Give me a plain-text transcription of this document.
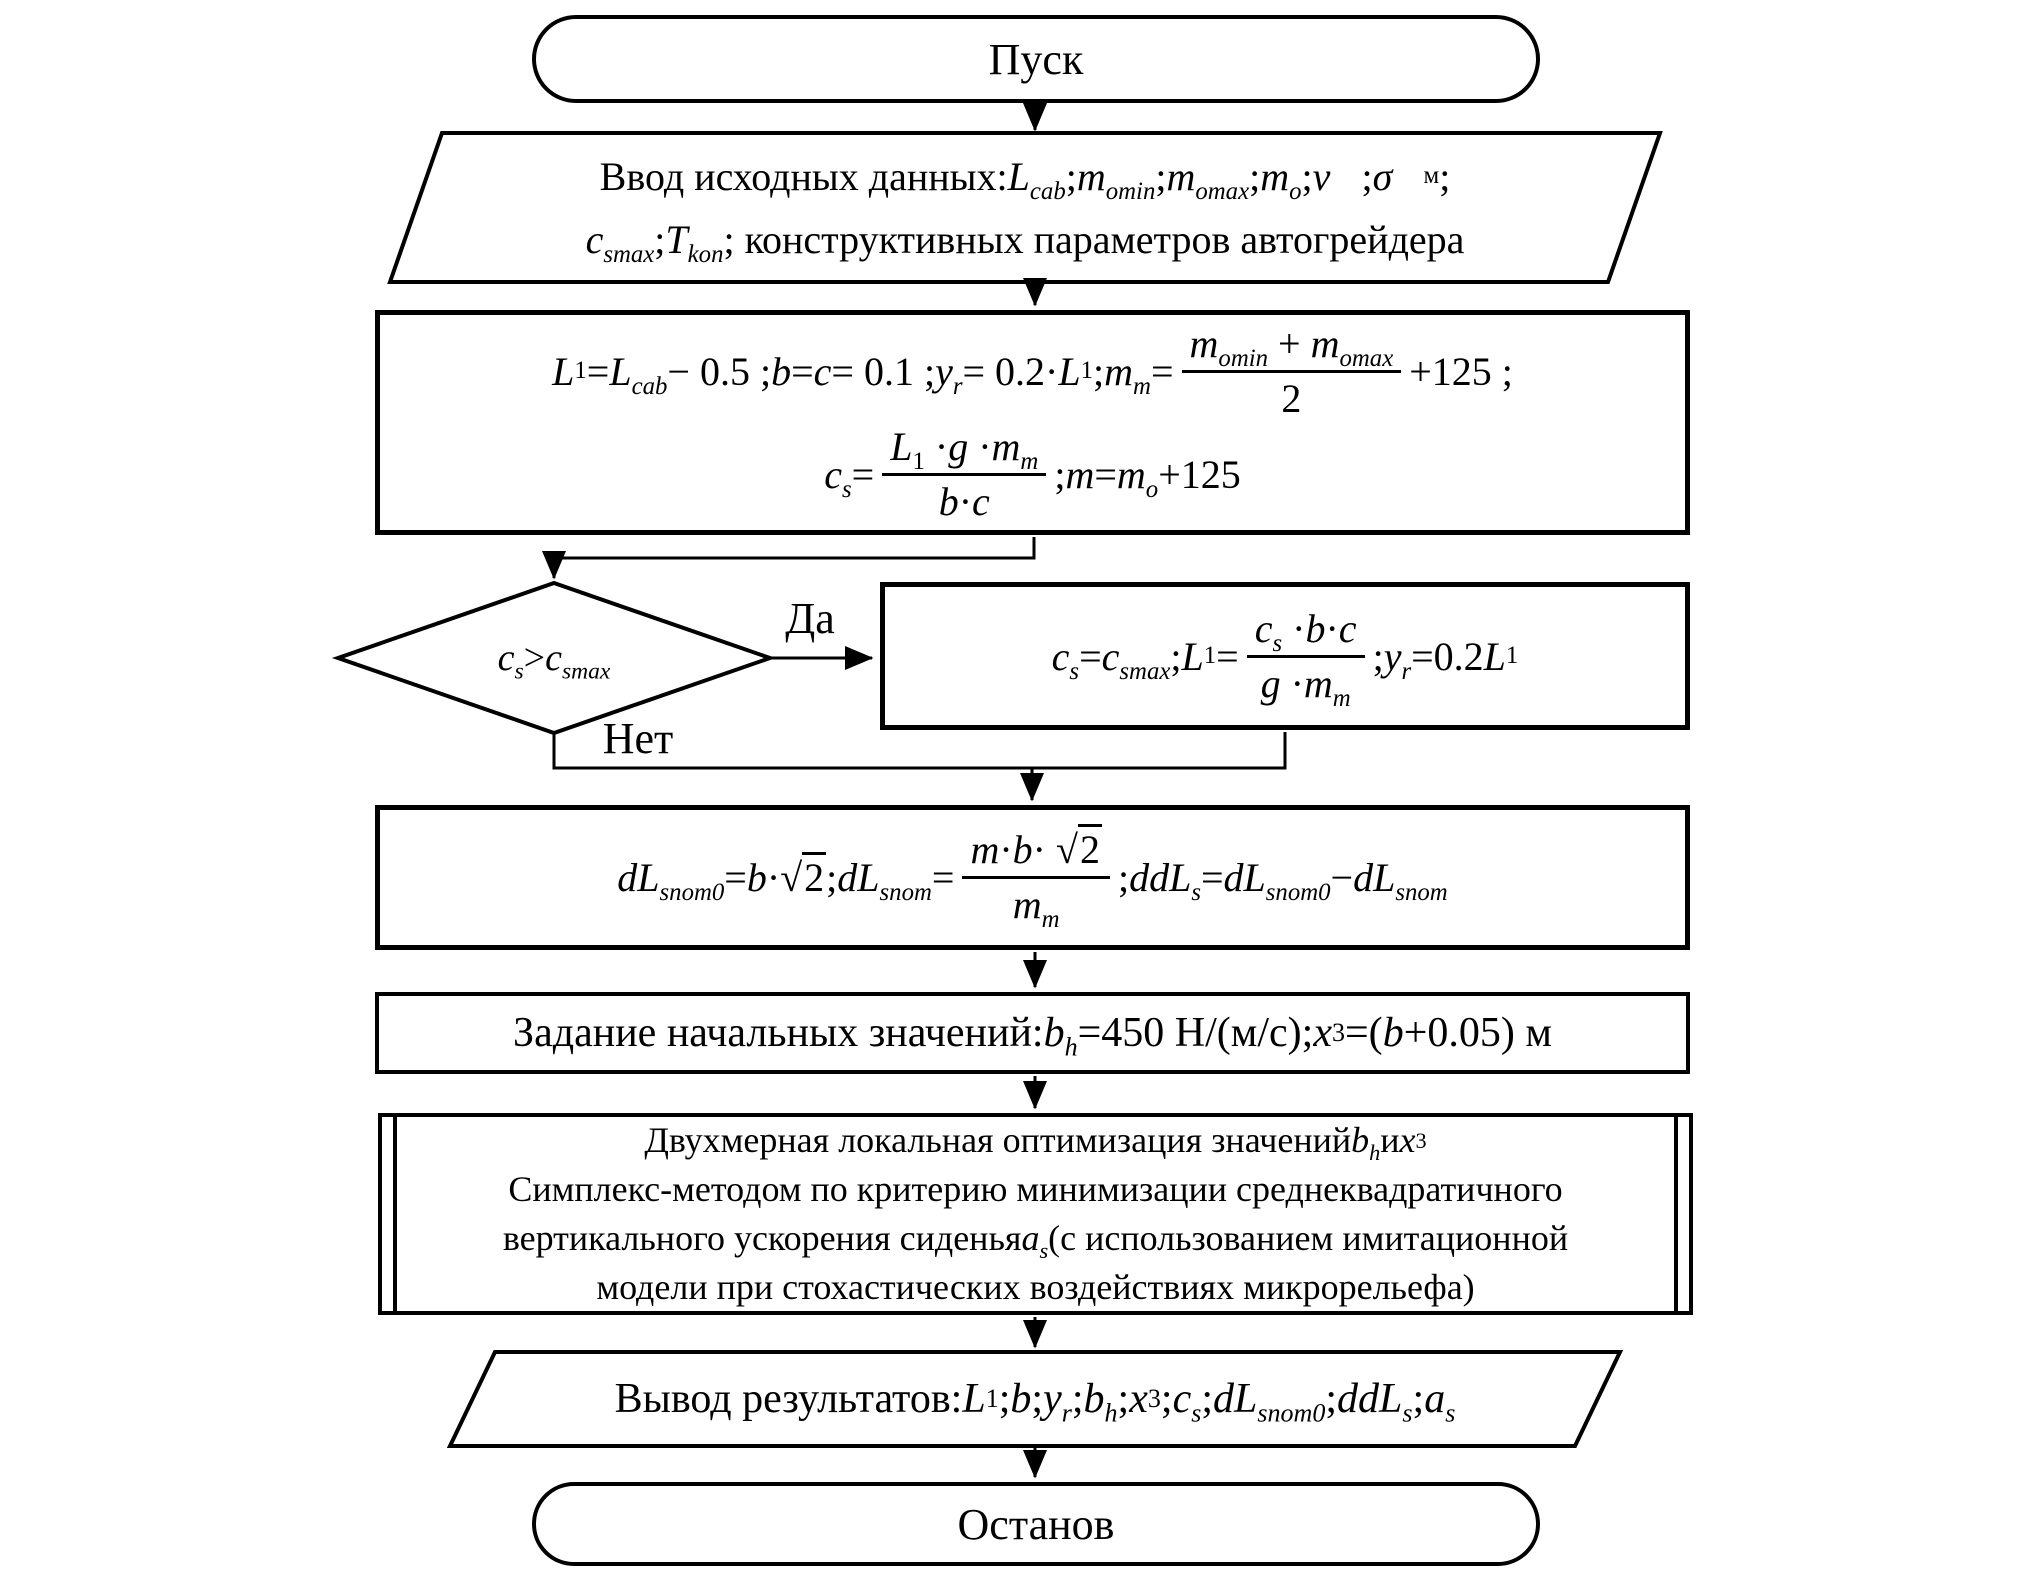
Пуск
Ввод исходных данных: $L_{cab}$ ; $m_{omin}$ ; $m_{omax}$ ; $m_o$ ; v⃗ ; σ⃗ м ;
$c_{smax}$ ; $T_{kon}$ ; конструктивных параметров автогрейдера
L $1 = L_{cab} - 0.5$ ; b = c = 0.1 ; $y_r = 0.2\cdot L$ 1 ; $m_m = \frac{m_{omin} + m_{omax}}{2} +125$ ;
$c_s = \frac{L_1 \cdot g \cdot m_m}{b\cdot c}$ ; $m = m_o +125$
$c_s > c_{smax}$
Да
Нет
$c_s = c_{smax}$ ; L $1 = \frac{c_s \cdot b\cdot c}{g \cdot m_m}$ ; $y_r =0.2$ L 1
$dL_{snom0} = b \cdot √2$ ; $dL_{snom} = \frac{m\cdot b\cdot √2}{m_m}$ ; $ddL_s = dL_{snom0} - dL_{snom}$
Задание начальных значений: $b_h =450$ Н/(м/с); x 3 =( b +0.05) м
Двухмерная локальная оптимизация значений $b_h$ и x 3
Симплекс-методом по критерию минимизации среднеквадратичного
вертикального ускорения сиденья $a_s$ (с использованием имитационной
модели при стохастических воздействиях микрорельефа)
Вывод результатов: L 1 ; b ; $y_r$ ; $b_h$ ; x 3 ; $c_s$ ; $dL_{snom0}$ ; ddL$_s$ ; $a_s$
Останов
